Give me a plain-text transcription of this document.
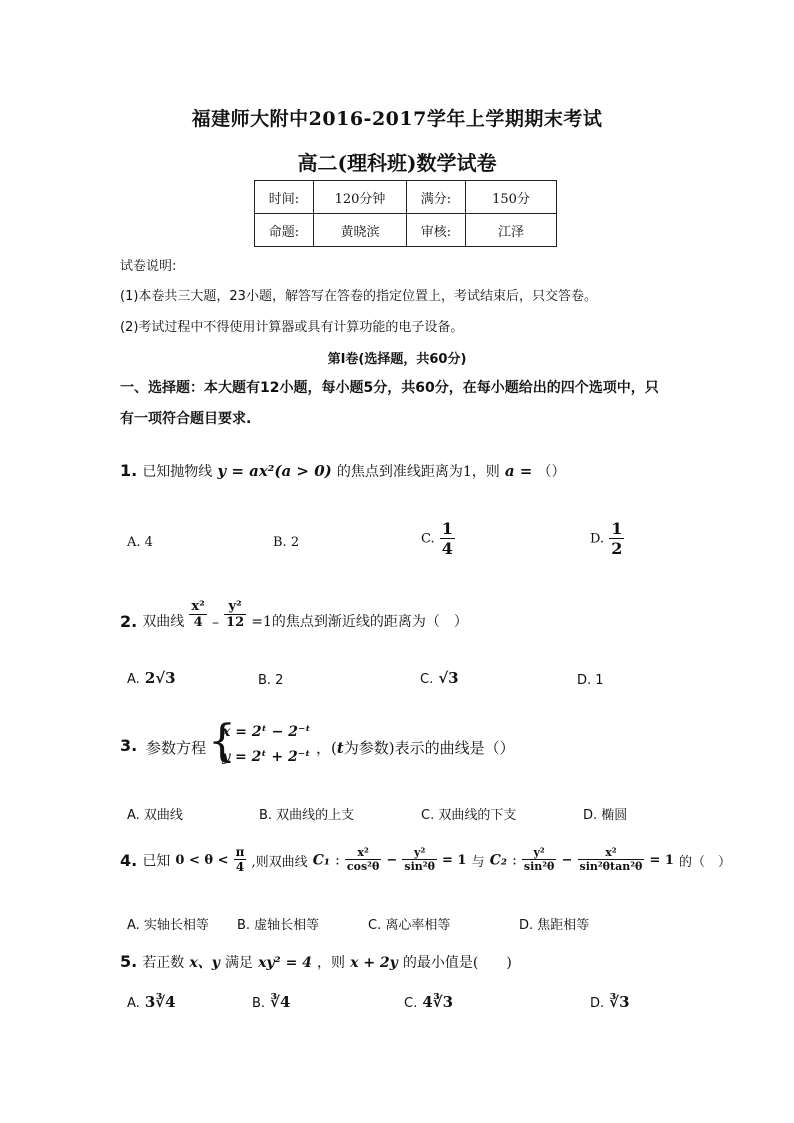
福建师大附中2016-2017学年上学期期末考试
高二(理科班)数学试卷
时间:	120分钟	满分:	150分
命题:	黄晓滨	审核:	江泽
试卷说明:
(1)本卷共三大题，23小题，解答写在答卷的指定位置上，考试结束后，只交答卷。
(2)考试过程中不得使用计算器或具有计算功能的电子设备。
第Ⅰ卷(选择题，共60分)
一、选择题：本大题有12小题，每小题5分，共60分，在每小题给出的四个选项中，只
有一项符合题目要求.
1. 已知抛物线 y = ax²(a > 0) 的焦点到准线距离为1，则 a = （）
A. 4	B. 2	C. $\frac{1}{4}$	D. $\frac{1}{2}$
2. 双曲线 $\frac{\text{x²}}{4} - \frac{\text{y²}}{12} =1$的焦点到渐近线的距离为（　）
A. 2√3	B. 2	C. √3	D. 1
3. 参数方程 {
x = 2ᵗ − 2⁻ᵗ
y = 2ᵗ + 2⁻ᵗ ，(t为参数)表示的曲线是（）
A. 双曲线	B. 双曲线的上支	C. 双曲线的下支	D. 椭圆
4. 已知 $0 < \theta < \frac{\pi}{4}$ ,则双曲线 C₁ : $\frac{\text{x²}}{\text{cos²θ}} - \frac{\text{y²}}{\text{sin²θ}} = 1$ 与 C₂ : $\frac{\text{y²}}{\text{sin²θ}} - \frac{\text{x²}}{\text{sin²θtan²θ}} = 1$ 的（　）
A. 实轴长相等 B. 虚轴长相等	C. 离心率相等	D. 焦距相等
5. 若正数 x、y 满足 xy² = 4 ，则 x + 2y 的最小值是(　　)
A. 3∛4	B. ∛4	C. 4∛3	D. ∛3
